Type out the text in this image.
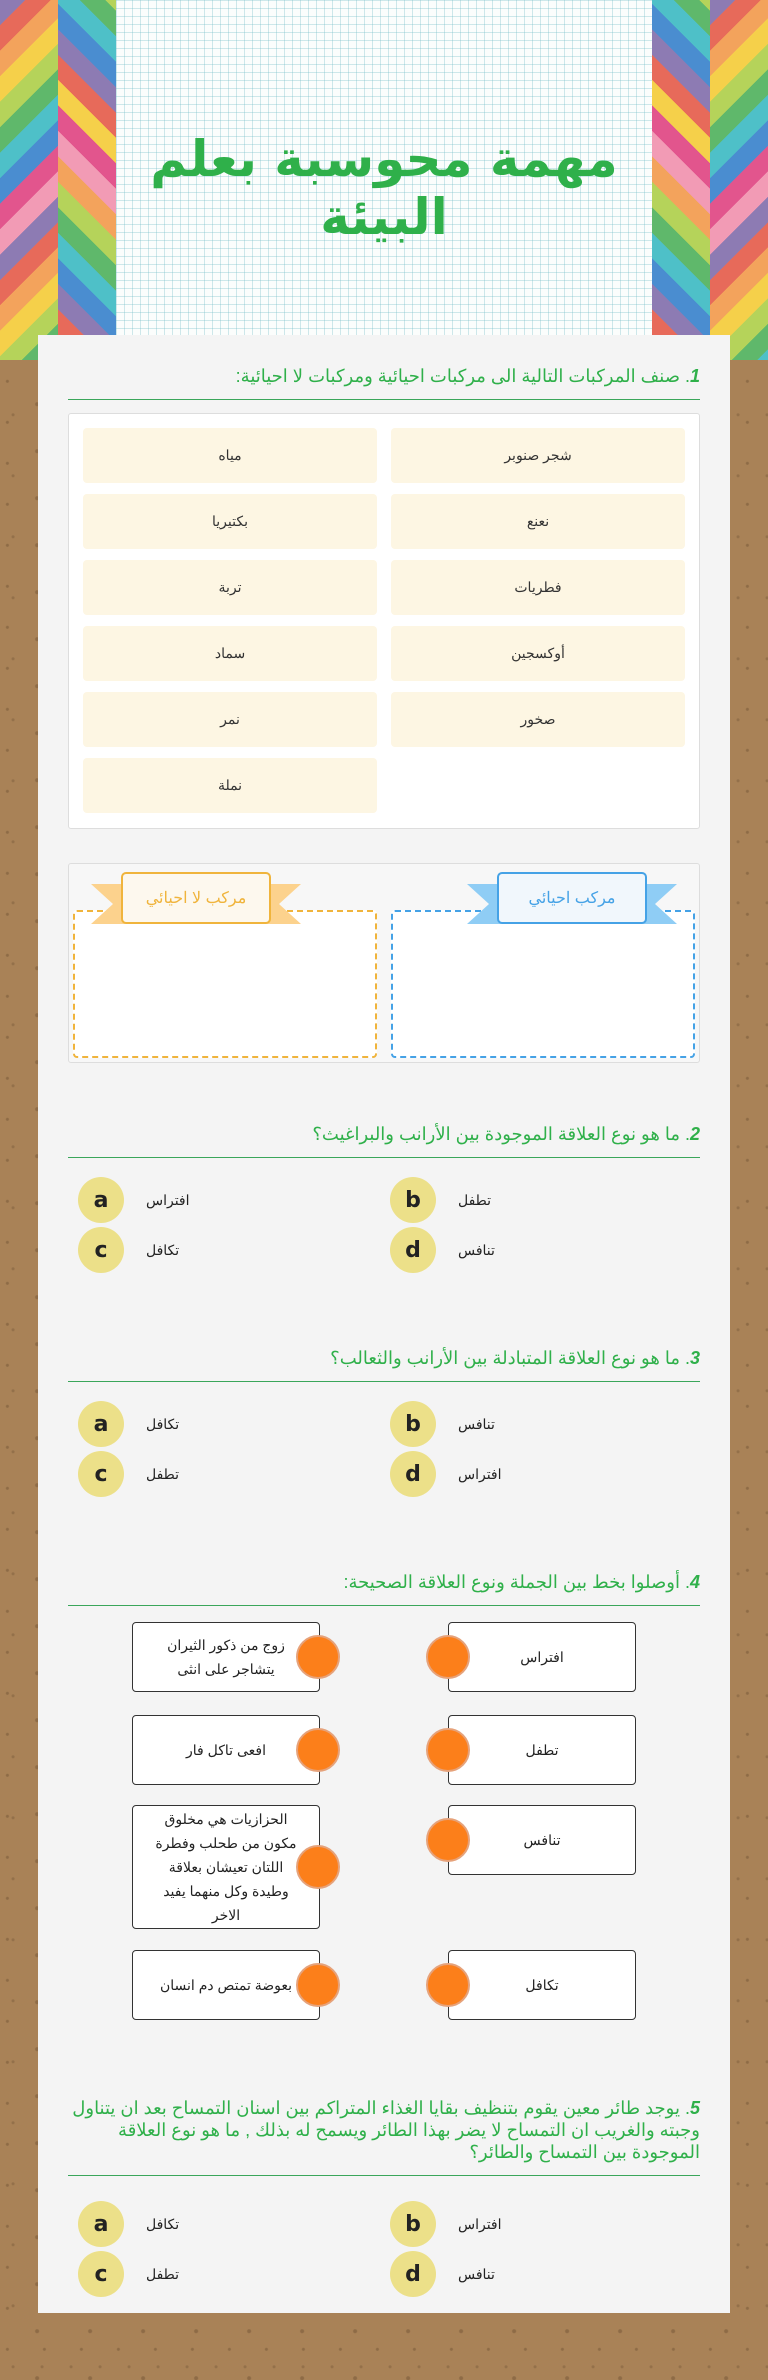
مهمة محوسبة بعلم البيئة
1. صنف المركبات التالية الى مركبات احيائية ومركبات لا احيائية:
شجر صنوبر
نعنع
فطريات
أوكسجين
صخور
مياه
بكتيريا
تربة
سماد
نمر
نملة
مركب احيائي
مركب لا احيائي
2. ما هو نوع العلاقة الموجودة بين الأرانب والبراغيث؟
a	افتراس	b	تطفل
c	تكافل	d	تنافس
3. ما هو نوع العلاقة المتبادلة بين الأرانب والثعالب؟
a	تكافل	b	تنافس
c	تطفل	d	افتراس
4. أوصلوا بخط بين الجملة ونوع العلاقة الصحيحة:
زوج من ذكور الثيران يتشاجر على انثى
افعى تاكل فار
الحزازيات هي مخلوق مكون من طحلب وفطرة اللتان تعيشان بعلاقة وطيدة وكل منهما يفيد الاخر
بعوضة تمتص دم انسان
افتراس
تطفل
تنافس
تكافل
5. يوجد طائر معين يقوم بتنظيف بقايا الغذاء المتراكم بين اسنان التمساح بعد ان يتناول وجبته والغريب ان التمساح لا يضر بهذا الطائر ويسمح له بذلك , ما هو نوع العلاقة الموجودة بين التمساح والطائر؟
a	تكافل	b	افتراس
c	تطفل	d	تنافس
